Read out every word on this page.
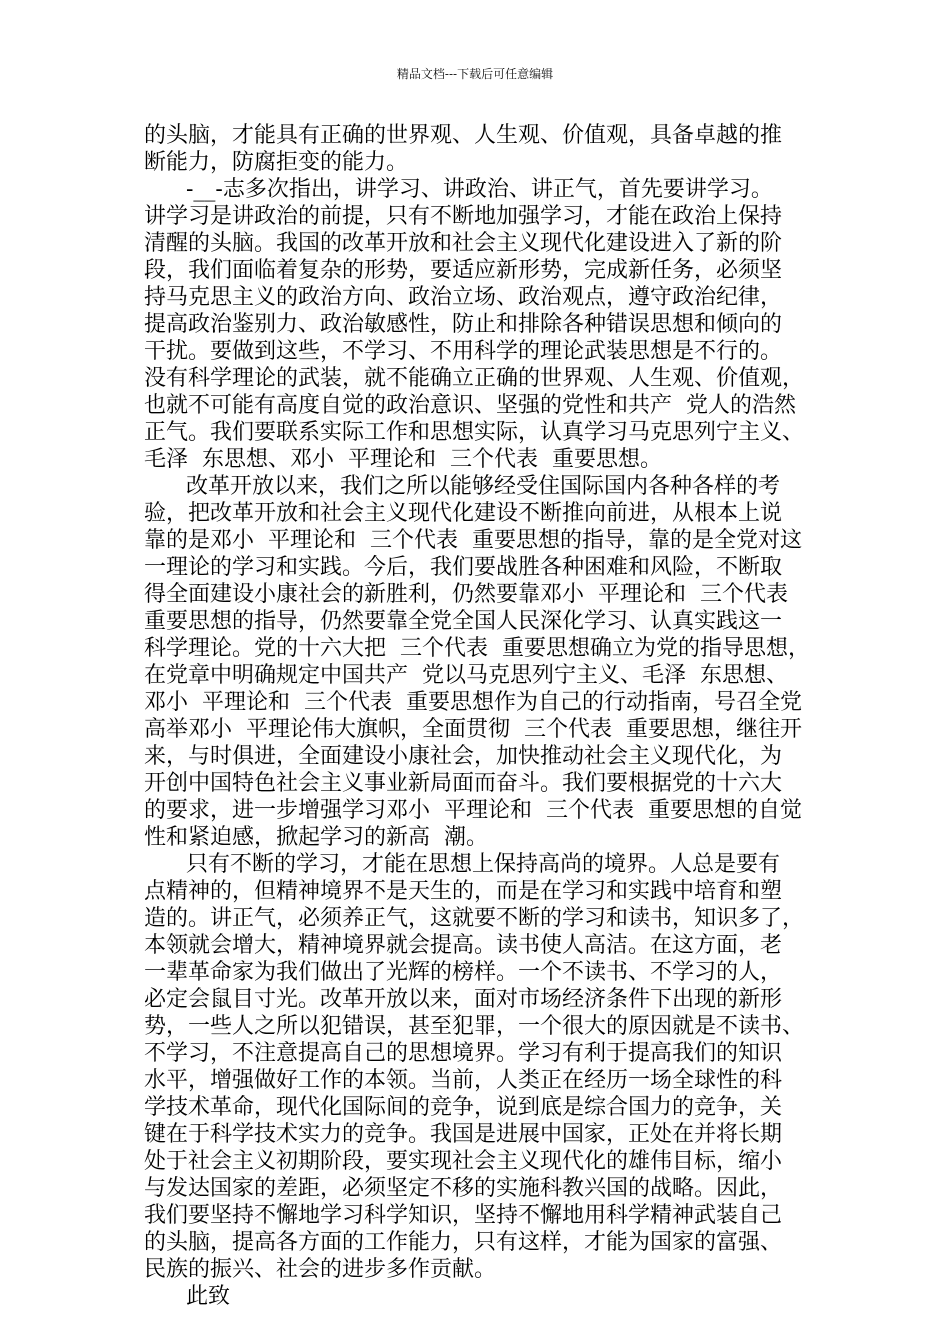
精品文档---下载后可任意编辑
的头脑，才能具有正确的世界观、人生观、价值观，具备卓越的推
断能力，防腐拒变的能力。
-__-志多次指出，讲学习、讲政治、讲正气，首先要讲学习。
讲学习是讲政治的前提，只有不断地加强学习，才能在政治上保持
清醒的头脑。我国的改革开放和社会主义现代化建设进入了新的阶
段，我们面临着复杂的形势，要适应新形势，完成新任务，必须坚
持马克思主义的政治方向、政治立场、政治观点，遵守政治纪律，
提高政治鉴别力、政治敏感性，防止和排除各种错误思想和倾向的
干扰。要做到这些，不学习、不用科学的理论武装思想是不行的。
没有科学理论的武装，就不能确立正确的世界观、人生观、价值观，
也就不可能有高度自觉的政治意识、坚强的党性和共产  党人的浩然
正气。我们要联系实际工作和思想实际，认真学习马克思列宁主义、
毛泽  东思想、邓小  平理论和  三个代表  重要思想。
改革开放以来，我们之所以能够经受住国际国内各种各样的考
验，把改革开放和社会主义现代化建设不断推向前进，从根本上说
靠的是邓小  平理论和  三个代表  重要思想的指导，靠的是全党对这
一理论的学习和实践。今后，我们要战胜各种困难和风险，不断取
得全面建设小康社会的新胜利，仍然要靠邓小  平理论和  三个代表
重要思想的指导，仍然要靠全党全国人民深化学习、认真实践这一
科学理论。党的十六大把  三个代表  重要思想确立为党的指导思想，
在党章中明确规定中国共产  党以马克思列宁主义、毛泽  东思想、
邓小  平理论和  三个代表  重要思想作为自己的行动指南，号召全党
高举邓小  平理论伟大旗帜，全面贯彻  三个代表  重要思想，继往开
来，与时俱进，全面建设小康社会，加快推动社会主义现代化，为
开创中国特色社会主义事业新局面而奋斗。我们要根据党的十六大
的要求，进一步增强学习邓小  平理论和  三个代表  重要思想的自觉
性和紧迫感，掀起学习的新高  潮。
只有不断的学习，才能在思想上保持高尚的境界。人总是要有
点精神的，但精神境界不是天生的，而是在学习和实践中培育和塑
造的。讲正气，必须养正气，这就要不断的学习和读书，知识多了，
本领就会增大，精神境界就会提高。读书使人高洁。在这方面，老
一辈革命家为我们做出了光辉的榜样。一个不读书、不学习的人，
必定会鼠目寸光。改革开放以来，面对市场经济条件下出现的新形
势，一些人之所以犯错误，甚至犯罪，一个很大的原因就是不读书、
不学习，不注意提高自己的思想境界。学习有利于提高我们的知识
水平，增强做好工作的本领。当前，人类正在经历一场全球性的科
学技术革命，现代化国际间的竞争，说到底是综合国力的竞争，关
键在于科学技术实力的竞争。我国是进展中国家，正处在并将长期
处于社会主义初期阶段，要实现社会主义现代化的雄伟目标，缩小
与发达国家的差距，必须坚定不移的实施科教兴国的战略。因此，
我们要坚持不懈地学习科学知识，坚持不懈地用科学精神武装自己
的头脑，提高各方面的工作能力，只有这样，才能为国家的富强、
民族的振兴、社会的进步多作贡献。
此致
